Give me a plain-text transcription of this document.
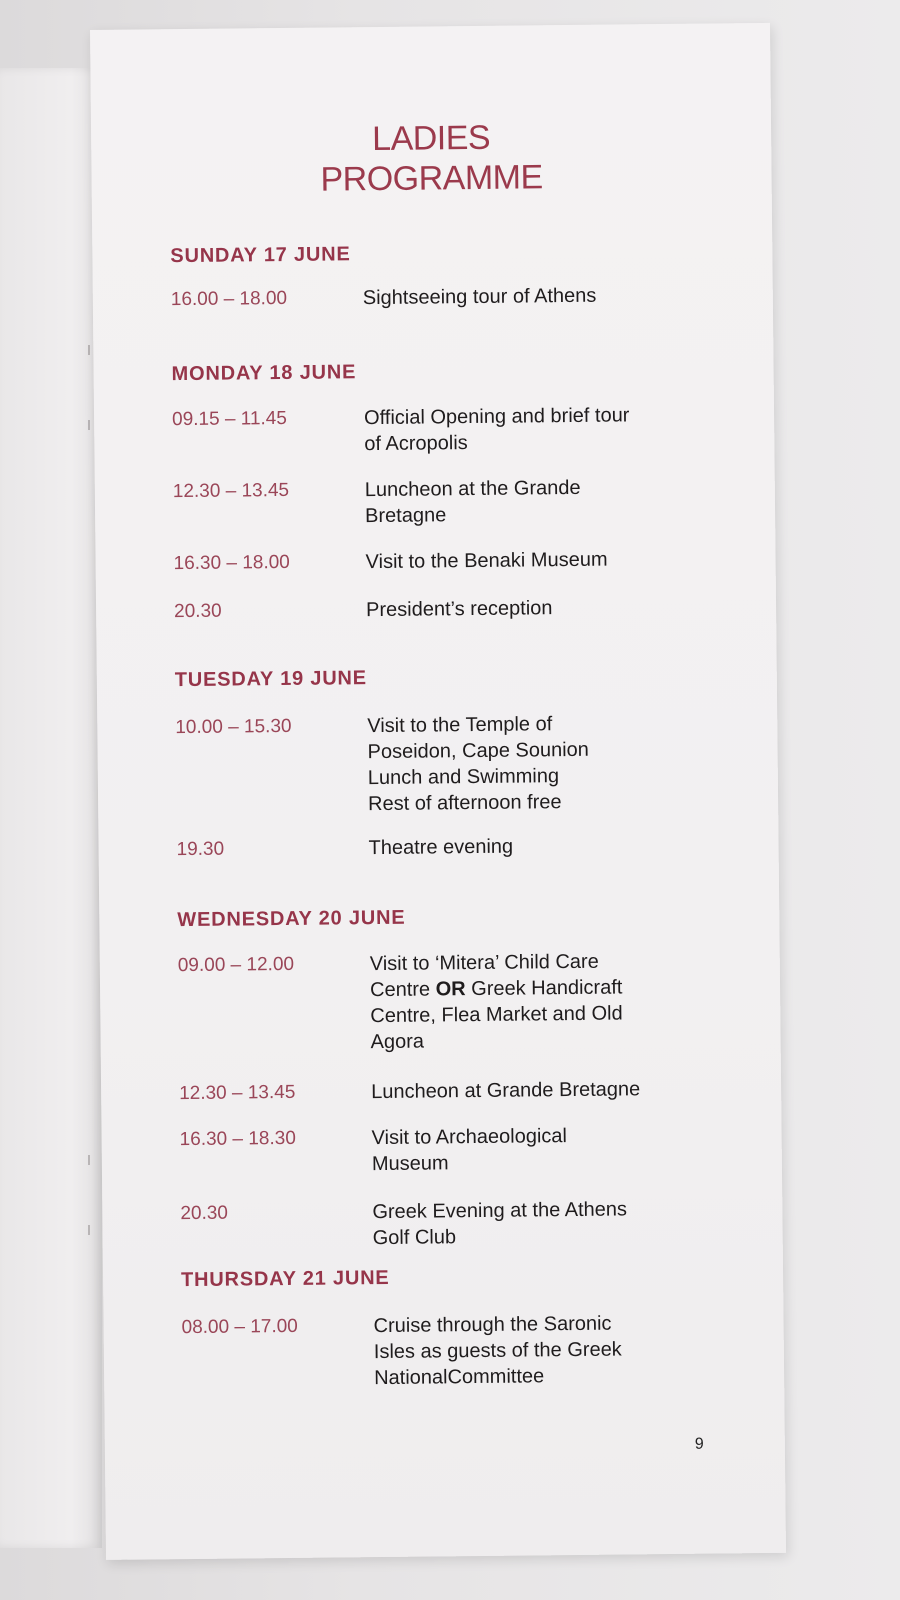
LADIES
PROGRAMME
SUNDAY 17 JUNE
16.00 – 18.00	Sightseeing tour of Athens
MONDAY 18 JUNE
09.15 – 11.45	Official Opening and brief tour
of Acropolis
12.30 – 13.45	Luncheon at the Grande
Bretagne
16.30 – 18.00	Visit to the Benaki Museum
20.30	President’s reception
TUESDAY 19 JUNE
10.00 – 15.30	Visit to the Temple of
Poseidon, Cape Sounion
Lunch and Swimming
Rest of afternoon free
19.30	Theatre evening
WEDNESDAY 20 JUNE
09.00 – 12.00	Visit to ‘Mitera’ Child Care
Centre OR Greek Handicraft
Centre, Flea Market and Old
Agora
12.30 – 13.45	Luncheon at Grande Bretagne
16.30 – 18.30	Visit to Archaeological
Museum
20.30	Greek Evening at the Athens
Golf Club
THURSDAY 21 JUNE
08.00 – 17.00	Cruise through the Saronic
Isles as guests of the Greek
NationalCommittee
9
